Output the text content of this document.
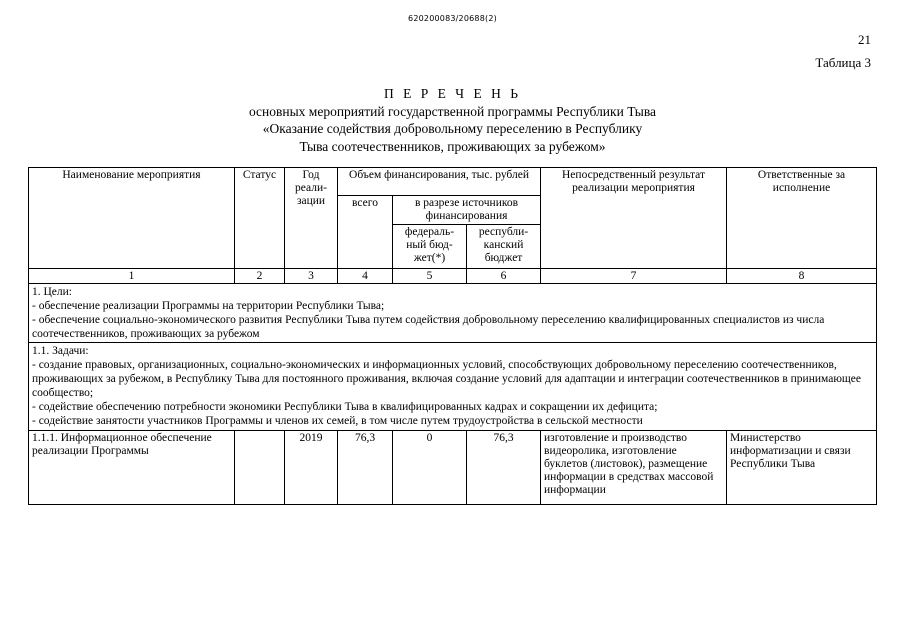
620200083/20688(2)
21
Таблица 3
П Е Р Е Ч Е Н Ь
основных мероприятий государственной программы Республики Тыва
«Оказание содействия добровольному переселению в Республику
Тыва соотечественников, проживающих за рубежом»
Наименование мероприятия	Статус	Год реали-зации	Объем финансирования, тыс. рублей			Непосредственный результат реализации мероприятия	Ответственные за исполнение
			всего	в разрезе источников финансирования			
				федераль-ный бюд-жет(*)	республи-канский бюджет		
1	2	3	4	5	6	7	8

1. Цели:
- обеспечение реализации Программы на территории Республики Тыва;
- обеспечение социально-экономического развития Республики Тыва путем содействия добровольному переселению квалифицированных специалистов из числа соотечественников, проживающих за рубежом							

1.1. Задачи:
- создание правовых, организационных, социально-экономических и информационных условий, способствующих добровольному переселению соотечественников, проживающих за рубежом, в Республику Тыва для постоянного проживания, включая создание условий для адаптации и интеграции соотечественников в принимающее сообщество;
- содействие обеспечению потребности экономики Республики Тыва в квалифицированных кадрах и сокращении их дефицита;
- содействие занятости участников Программы и членов их семей, в том числе путем трудоустройства в сельской местности							

1.1.1. Информационное обеспечение реализации Программы		2019	76,3	0	76,3	изготовление и производство видеоролика, изготовление буклетов (листовок), размещение информации в средствах массовой информации	Министерство информатизации и связи Республики Тыва
